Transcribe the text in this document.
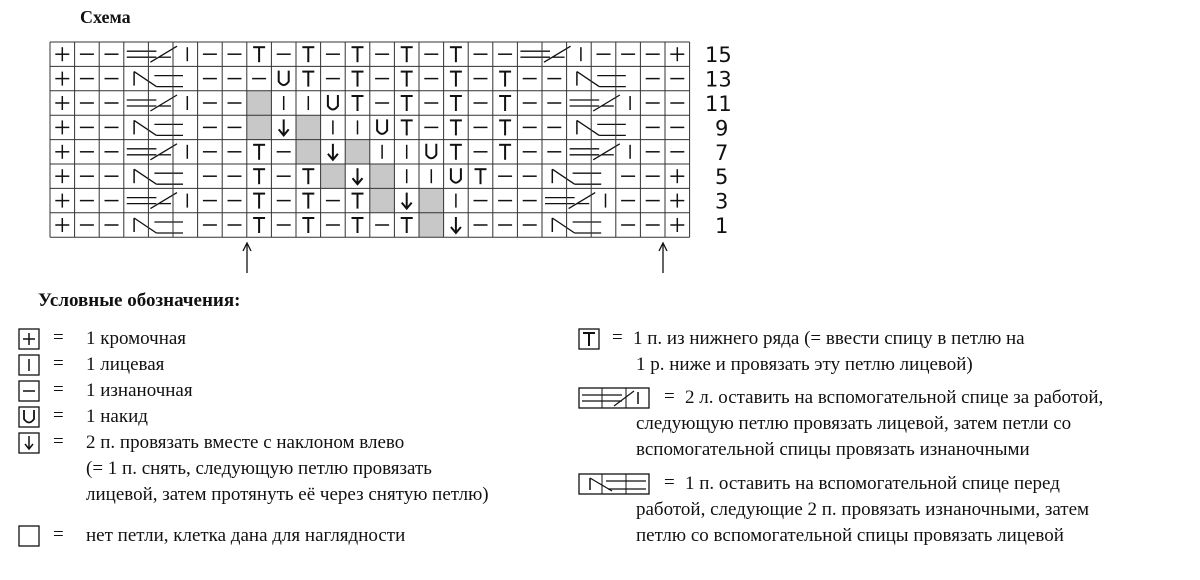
Схема
15
13
11
9
7
5
3
1
Условные обозначения:
= 1 кромочная
= 1 лицевая
= 1 изнаночная
= 1 накид
= 2 п. провязать вместе с наклоном влево
(= 1 п. снять, следующую петлю провязать
лицевой, затем протянуть её через снятую петлю)
= нет петли, клетка дана для наглядности
= 1 п. из нижнего ряда (= ввести спицу в петлю на
1 р. ниже и провязать эту петлю лицевой)
= 2 л. оставить на вспомогательной спице за работой,
следующую петлю провязать лицевой, затем петли со
вспомогательной спицы провязать изнаночными
= 1 п. оставить на вспомогательной спице перед
работой, следующие 2 п. провязать изнаночными, затем
петлю со вспомогательной спицы провязать лицевой
